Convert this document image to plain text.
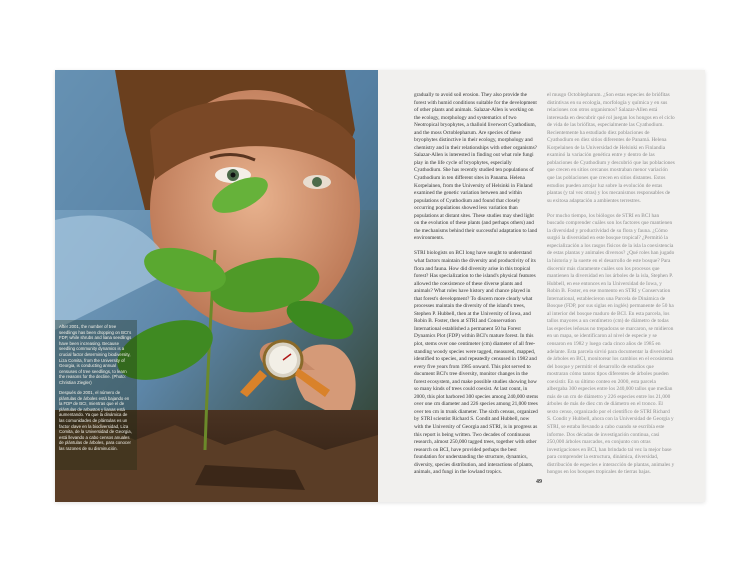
After 2001, the number of tree seedlings has been dropping on BCI's FDP, while shrubs and liana seedlings have been increasing. Because seedling community dynamics is a crucial factor determining biodiversity, Liza Comita, from the University of Georgia, is conducting annual censuses of tree seedlings, to learn the reasons for the decline. (Photo: Christian Ziegler)
Después de 2001, el número de plántulas de árboles está bajando en la FDP de BCI, mientras que el de plántulas de arbustos y lianas está aumentando. Ya que la dinámica de las comunidades de plántulas es un factor clave en la biodiversidad, Liza Comita, de la Universidad de Georgia, está llevando a cabo censos anuales de plántulas de árboles, para conocer las razones de su disminución.

gradually to avoid soil erosion. They also provide the forest with humid conditions suitable for the development of other plants and animals. Salazar-Allen is working on the ecology, morphology and systematics of two Neotropical bryophytes, a thalloid liverwort Cyathodium, and the moss Octoblepharum. Are species of these bryophytes distinctive in their ecology, morphology and chemistry and in their relationships with other organisms? Salazar-Allen is interested in finding out what role fungi play in the life cycle of bryophytes, especially Cyathodium. She has recently studied ten populations of Cyathodium in ten different sites in Panama. Helena Korpelainen, from the University of Helsinki in Finland examined the genetic variation between and within populations of Cyathodium and found that closely occurring populations showed less variation than populations at distant sites. These studies may shed light on the evolution of these plants (and perhaps others) and the mechanisms behind their successful adaptation to land environments.

STRI biologists on BCI long have sought to understand what factors maintain the diversity and productivity of its flora and fauna. How did diversity arise in this tropical forest? Has specialization to the island's physical features allowed the coexistence of these diverse plants and animals? What roles have history and chance played in that forest's development? To discern more clearly what processes maintain the diversity of the island's trees, Stephen P. Hubbell, then at the University of Iowa, and Robin B. Foster, then at STRI and Conservation International established a permanent 50 ha Forest Dynamics Plot (FDP) within BCI's mature forest. In this plot, stems over one centimeter (cm) diameter of all free-standing woody species were tagged, measured, mapped, identified to species, and repeatedly censused in 1982 and every five years from 1985 onward. This plot served to document BCI's tree diversity, monitor changes in the forest ecosystem, and make possible studies showing how so many kinds of trees could coexist. At last count, in 2000, this plot harbored 300 species among 240,000 stems over one cm diameter and 226 species among 21,000 trees over ten cm in trunk diameter. The sixth census, organized by STRI scientist Richard S. Condit and Hubbell, now with the University of Georgia and STRI, is in progress as this report is being written. Two decades of continuous research, almost 250,000 tagged trees, together with other research on BCI, have provided perhaps the best foundation for understanding the structure, dynamics, diversity, species distribution, and interactions of plants, animals, and fungi in the lowland tropics.

el musgo Octoblepharum. ¿Son estas especies de briófitas distintivas en su ecología, morfología y química y en sus relaciones con otros organismos? Salazar-Allen está interesada en descubrir qué rol juegan los hongos en el ciclo de vida de las briófitas, especialmente las Cyathodium. Recientemente ha estudiado diez poblaciones de Cyathodium en diez sitios diferentes de Panamá. Helena Korpelainen de la Universidad de Helsinki en Finlandia examinó la variación genética entre y dentro de las poblaciones de Cyathodium y descubrió que las poblaciones que crecen en sitios cercanos mostraban menor variación que las poblaciones que crecen en sitios distantes. Estos estudios pueden arrojar luz sobre la evolución de estas plantas (y tal vez otras) y los mecanismos responsables de su exitosa adaptación a ambientes terrestres.

Por mucho tiempo, los biólogos de STRI en BCI han buscado comprender cuáles son los factores que mantienen la diversidad y productividad de su flora y fauna. ¿Cómo surgió la diversidad en este bosque tropical? ¿Permitió la especialización a los rasgos físicos de la isla la coexistencia de estas plantas y animales diversos? ¿Qué roles han jugado la historia y la suerte en el desarrollo de este bosque? Para discernir más claramente cuáles son los procesos que mantienen la diversidad en los árboles de la isla, Stephen P. Hubbell, en ese entonces en la Universidad de Iowa, y Robin B. Foster, en ese momento en STRI y Conservation International, establecieron una Parcela de Dinámica de Bosque (FDP, por sus siglas en inglés) permanente de 50 ha al interior del bosque maduro de BCI. En esta parcela, los tallos mayores a un centímetro (cm) de diámetro de todas las especies leñosas no trepadoras se marcaron, se midieron en un mapa, se identificaron al nivel de especie y se censaron en 1982 y luego cada cinco años de 1985 en adelante. Esta parcela sirvió para documentar la diversidad de árboles en BCI, monitorear los cambios en el ecosistema del bosque y permitir el desarrollo de estudios que mostraran cómo tantos tipos diferentes de árboles pueden coexistir. En su último conteo en 2000, esta parcela albergaba 300 especies entre los 240,000 tallos que medían más de un cm de diámetro y 226 especies entre los 21,000 árboles de más de diez cm de diámetro en el tronco. El sexto censo, organizado por el científico de STRI Richard S. Condit y Hubbell, ahora con la Universidad de Georgia y STRI, se estaba llevando a cabo cuando se escribía este informe. Dos décadas de investigación continua, casi 250,000 árboles marcados, en conjunto con otras investigaciones en BCI, han brindado tal vez la mejor base para comprender la estructura, dinámica, diversidad, distribución de especies e interacción de plantas, animales y hongos en los bosques tropicales de tierras bajas.

49
